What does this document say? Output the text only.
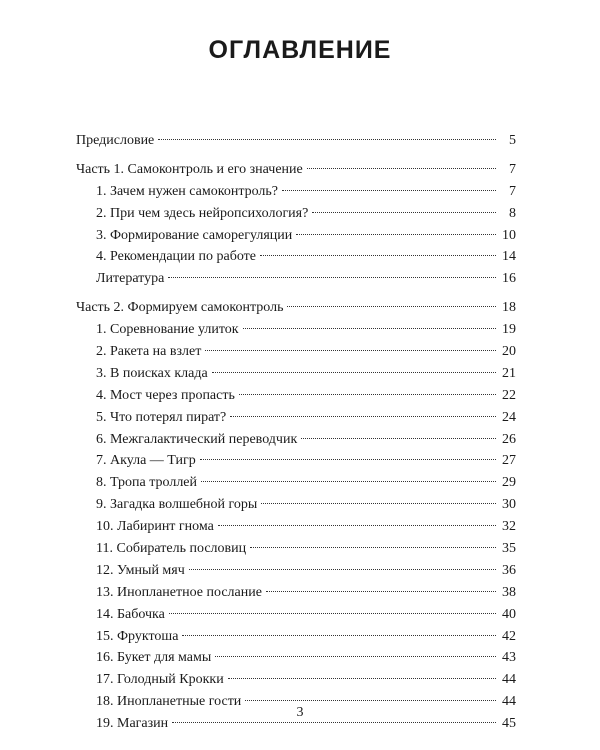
ОГЛАВЛЕНИЕ
Предисловие	5
Часть 1. Самоконтроль и его значение	7
1. Зачем нужен самоконтроль?	7
2. При чем здесь нейропсихология?	8
3. Формирование саморегуляции	10
4. Рекомендации по работе	14
Литература	16
Часть 2. Формируем самоконтроль	18
1. Соревнование улиток	19
2. Ракета на взлет	20
3. В поисках клада	21
4. Мост через пропасть	22
5. Что потерял пират?	24
6. Межгалактический переводчик	26
7. Акула — Тигр	27
8. Тропа троллей	29
9. Загадка волшебной горы	30
10. Лабиринт гнома	32
11. Собиратель пословиц	35
12. Умный мяч	36
13. Инопланетное послание	38
14. Бабочка	40
15. Фруктоша	42
16. Букет для мамы	43
17. Голодный Крокки	44
18. Инопланетные гости	44
19. Магазин	45
3
